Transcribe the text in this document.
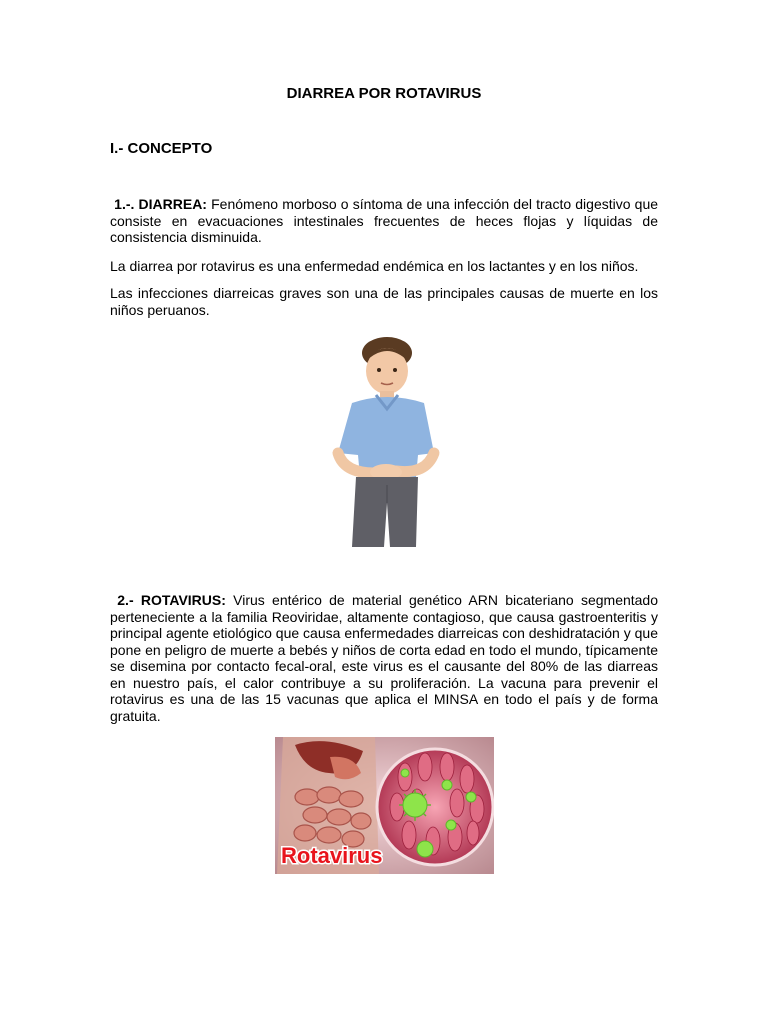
DIARREA POR ROTAVIRUS
I.- CONCEPTO

1.-. DIARREA: Fenómeno morboso o síntoma de una infección del tracto digestivo que consiste en evacuaciones intestinales frecuentes de heces flojas y líquidas de consistencia disminuida.

La diarrea por rotavirus es una enfermedad endémica en los lactantes y en los niños.

Las infecciones diarreicas graves son una de las principales causas de muerte en los niños peruanos.

2.- ROTAVIRUS: Virus entérico de material genético ARN bicateriano segmentado perteneciente a la familia Reoviridae, altamente contagioso, que causa gastroenteritis y principal agente etiológico que causa enfermedades diarreicas con deshidratación y que pone en peligro de muerte a bebés y niños de corta edad en todo el mundo, típicamente se disemina por contacto fecal-oral, este virus es el causante del 80% de las diarreas en nuestro país, el calor contribuye a su proliferación. La vacuna para prevenir el rotavirus es una de las 15 vacunas que aplica el MINSA en todo el país y de forma gratuita.

Rotavirus
